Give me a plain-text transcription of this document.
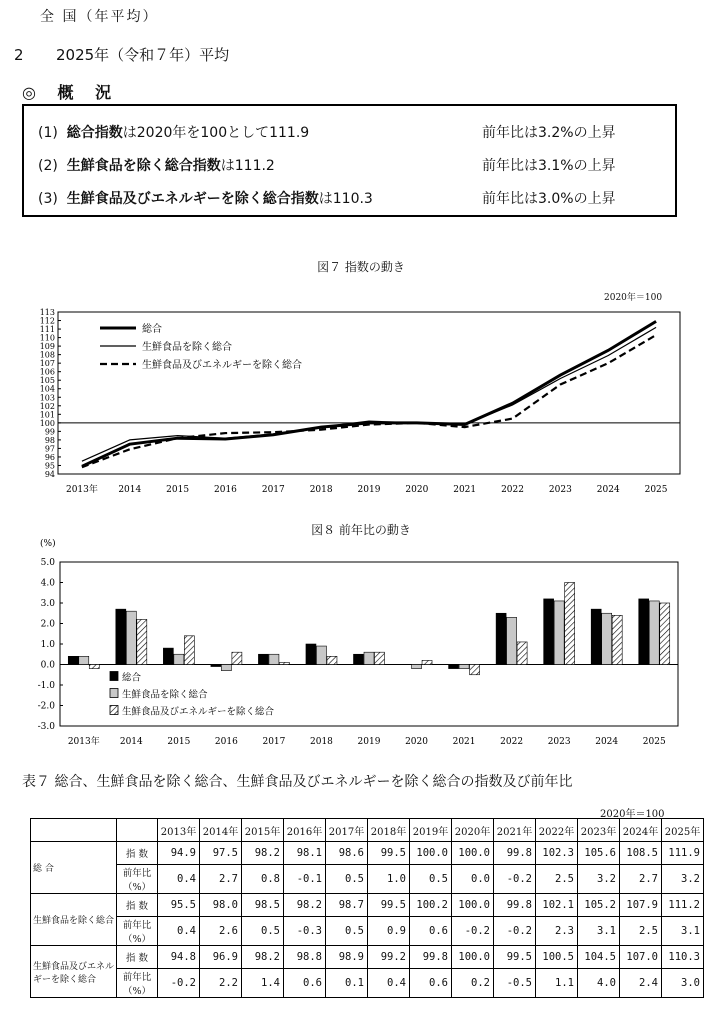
全 国（年平均）
2 2025年（令和７年）平均
◎ 概 況
(1) 総合指数は2020年を100として111.9	前年比は3.2%の上昇
(2) 生鮮食品を除く総合指数は111.2	前年比は3.1%の上昇
(3) 生鮮食品及びエネルギーを除く総合指数は110.3	前年比は3.0%の上昇
図７ 指数の動き
2020年＝100
2013年 2014	2015	2016	2017	2018	2019	2020	2021	2022	2023	2024	2025
94
95
96
97
98
99
100
101
102
103
104
105
106
107
108
109
110
111
112
113
総合
生鮮食品を除く総合
生鮮食品及びエネルギーを除く総合
図８ 前年比の動き
(%)
2013年 2014	2015	2016	2017	2018	2019	2020	2021	2022	2023	2024	2025
5.0
4.0
3.0
2.0
1.0
0.0
-1.0
-2.0
-3.0
総合
生鮮食品を除く総合
生鮮食品及びエネルギーを除く総合
表７ 総合、生鮮食品を除く総合、生鮮食品及びエネルギーを除く総合の指数及び前年比
2020年＝100
		2013年	2014年	2015年	2016年	2017年	2018年	2019年	2020年	2021年	2022年	2023年	2024年	2025年
総 合	指 数	94.9	97.5	98.2	98.1	98.6	99.5	100.0	100.0	99.8	102.3	105.6	108.5	111.9
	前年比（%）	0.4	2.7	0.8	-0.1	0.5	1.0	0.5	0.0	-0.2	2.5	3.2	2.7	3.2
生鮮食品を除く総合	指 数	95.5	98.0	98.5	98.2	98.7	99.5	100.2	100.0	99.8	102.1	105.2	107.9	111.2
	前年比（%）	0.4	2.6	0.5	-0.3	0.5	0.9	0.6	-0.2	-0.2	2.3	3.1	2.5	3.1
生鮮食品及びエネルギーを除く総合	指 数	94.8	96.9	98.2	98.8	98.9	99.2	99.8	100.0	99.5	100.5	104.5	107.0	110.3
	前年比（%）	-0.2	2.2	1.4	0.6	0.1	0.4	0.6	0.2	-0.5	1.1	4.0	2.4	3.0
